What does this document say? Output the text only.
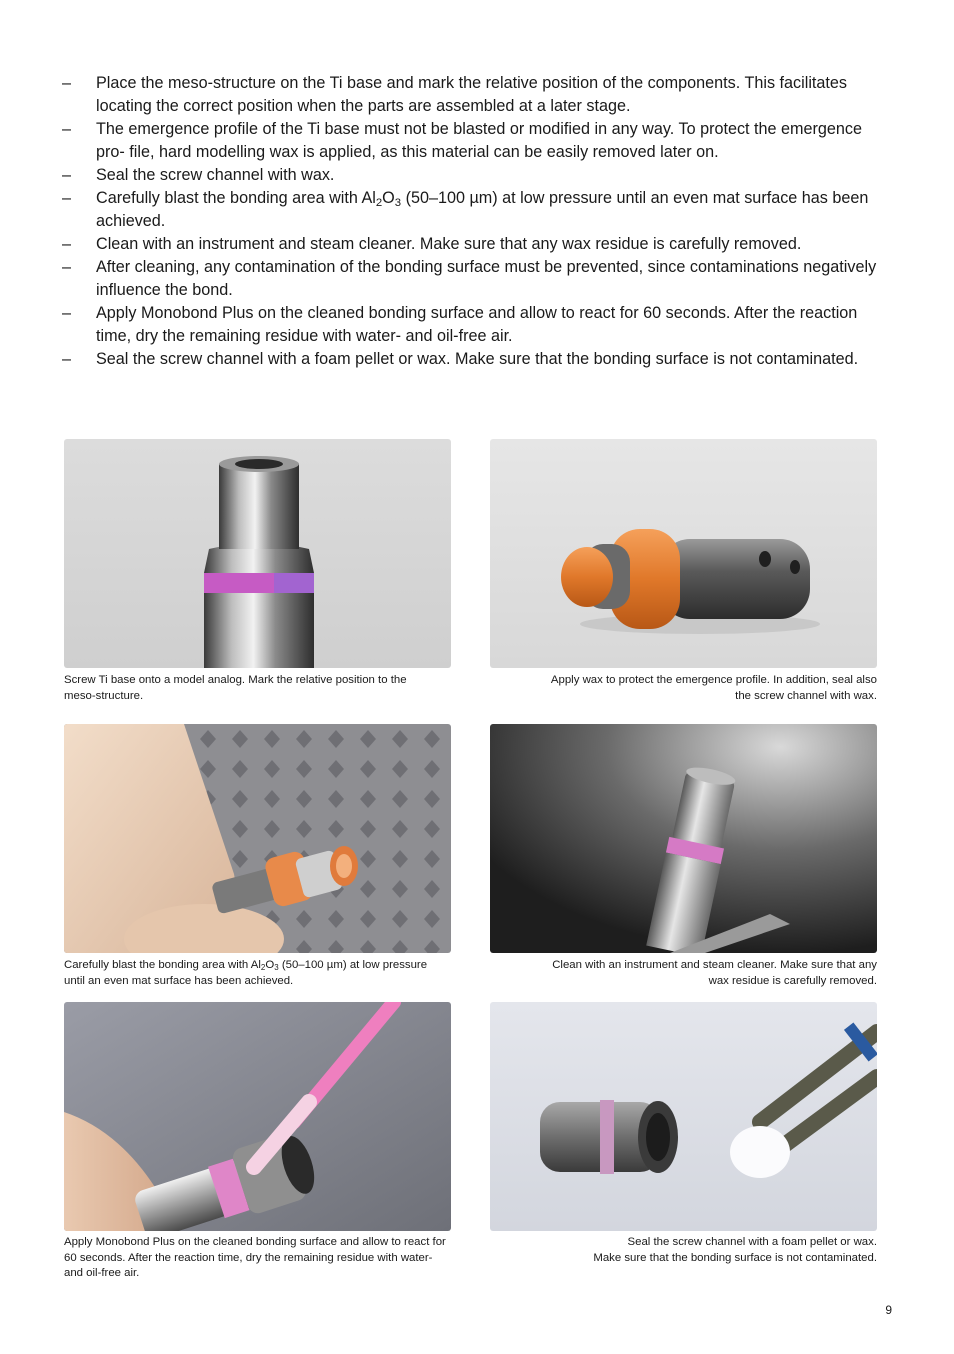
– Place the meso-structure on the Ti base and mark the relative position of the components. This facilitates locating the correct position when the parts are assembled at a later stage.
– The emergence profile of the Ti base must not be blasted or modified in any way. To protect the emergence pro- file, hard modelling wax is applied, as this material can be easily removed later on.
– Seal the screw channel with wax.
– Carefully blast the bonding area with $Al_2O_3$ (50–100 µm) at low pressure until an even mat surface has been achieved.
– Clean with an instrument and steam cleaner. Make sure that any wax residue is carefully removed.
– After cleaning, any contamination of the bonding surface must be prevented, since contaminations negatively influence the bond.
– Apply Monobond Plus on the cleaned bonding surface and allow to react for 60 seconds. After the reaction time, dry the remaining residue with water- and oil-free air.
– Seal the screw channel with a foam pellet or wax. Make sure that the bonding surface is not contaminated.
Screw Ti base onto a model analog. Mark the relative position to the
meso-structure.
Apply wax to protect the emergence profile. In addition, seal also
the screw channel with wax.
Carefully blast the bonding area with $Al_2O_3$ (50–100 µm) at low pressure
until an even mat surface has been achieved.
Clean with an instrument and steam cleaner. Make sure that any
wax residue is carefully removed.
Apply Monobond Plus on the cleaned bonding surface and allow to react for
60 seconds. After the reaction time, dry the remaining residue with water-
and oil-free air.
Seal the screw channel with a foam pellet or wax.
Make sure that the bonding surface is not contaminated.
9
